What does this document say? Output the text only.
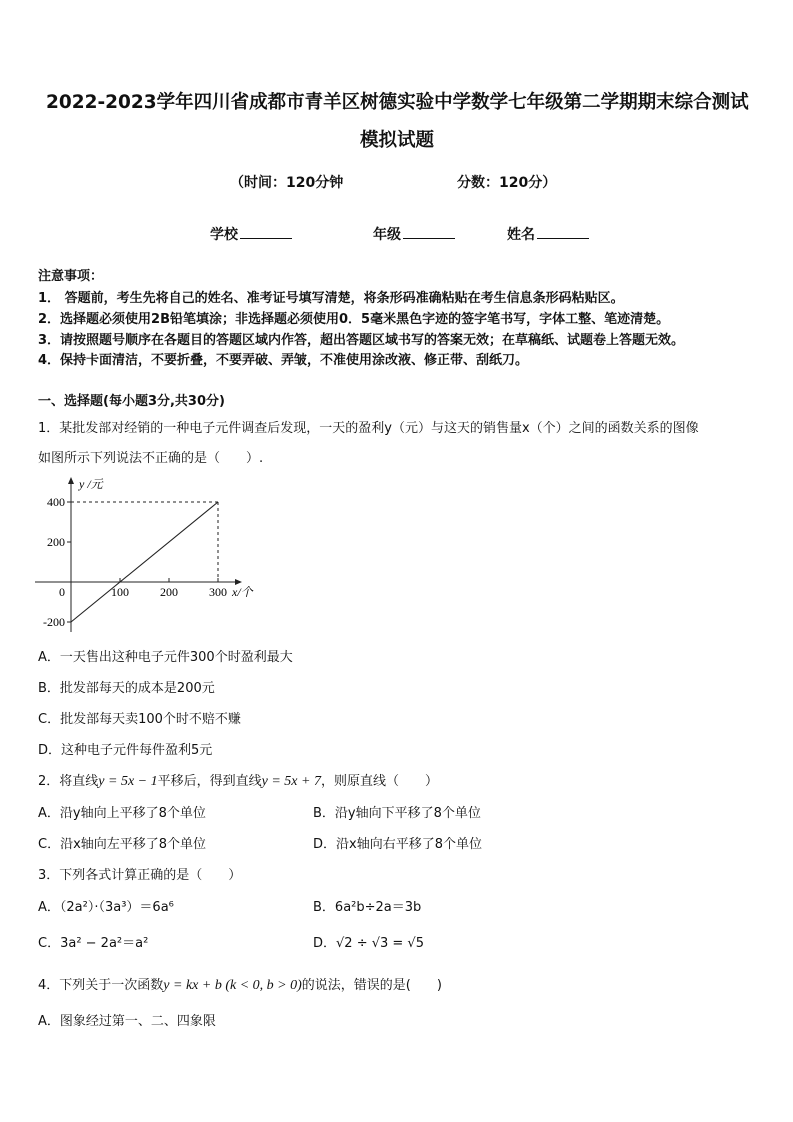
2022-2023学年四川省成都市青羊区树德实验中学数学七年级第二学期期末综合测试
模拟试题
（时间：120分钟	分数：120分）
学校	年级	姓名
注意事项：
1． 答题前，考生先将自己的姓名、准考证号填写清楚，将条形码准确粘贴在考生信息条形码粘贴区。
2．选择题必须使用2B铅笔填涂；非选择题必须使用0．5毫米黑色字迹的签字笔书写，字体工整、笔迹清楚。
3．请按照题号顺序在各题目的答题区域内作答，超出答题区域书写的答案无效；在草稿纸、试题卷上答题无效。
4．保持卡面清洁，不要折叠，不要弄破、弄皱，不准使用涂改液、修正带、刮纸刀。
一、选择题(每小题3分,共30分)
1．某批发部对经销的一种电子元件调查后发现，一天的盈利y（元）与这天的销售量x（个）之间的函数关系的图像
如图所示下列说法不正确的是（　　）.
400
200
-200
100	200	300
0
y /元
x/个
A．一天售出这种电子元件300个时盈利最大
B．批发部每天的成本是200元
C．批发部每天卖100个时不赔不赚
D．这种电子元件每件盈利5元
2．将直线y = 5x − 1平移后，得到直线y = 5x + 7，则原直线（　　）
A．沿y轴向上平移了8个单位	B．沿y轴向下平移了8个单位
C．沿x轴向左平移了8个单位	D．沿x轴向右平移了8个单位
3．下列各式计算正确的是（　　）
A．（2a²）·（3a³）＝6a⁶	B．6a²b÷2a＝3b
C．3a² − 2a²＝a²	D．√2 ÷ √3 = √5
4．下列关于一次函数y = kx + b (k < 0, b > 0)的说法，错误的是(　　)
A．图象经过第一、二、四象限
